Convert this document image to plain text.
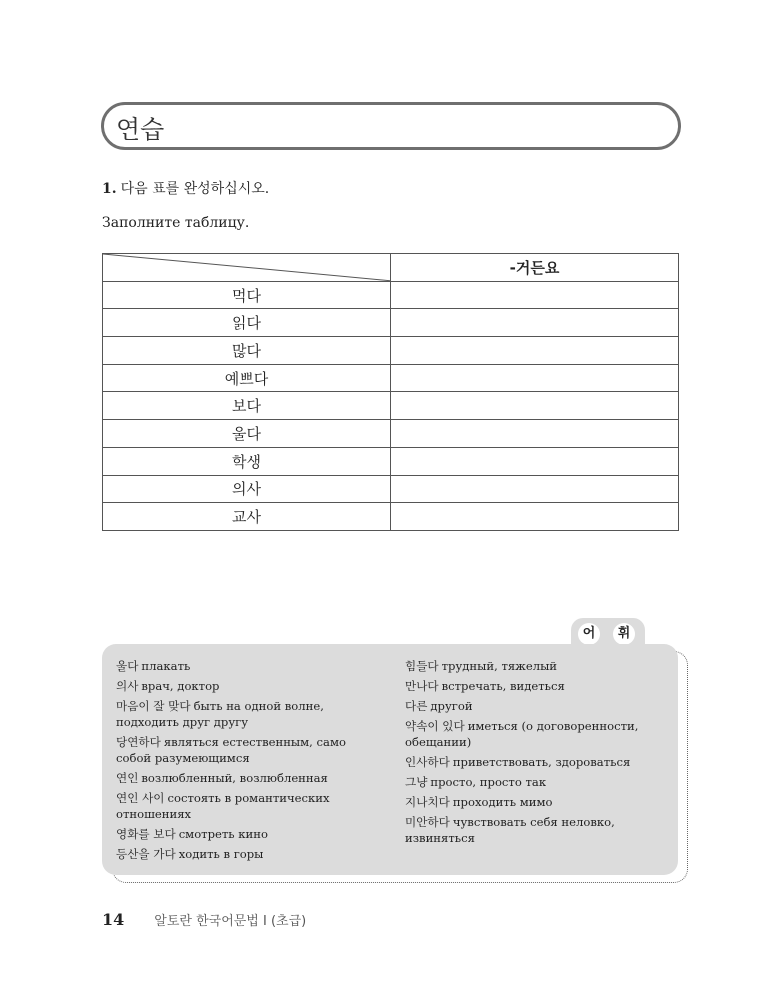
연습
1. 다음 표를 완성하십시오.
Заполните таблицу.
	-거든요
먹다	
읽다	
많다	
예쁘다	
보다	
울다	
학생	
의사	
교사	
어	휘
울다 плакать
의사 врач, доктор
마음이 잘 맞다 быть на одной волне, подходить друг другу
당연하다 являться естественным, само собой разумеющимся
연인 возлюбленный, возлюбленная
연인 사이 состоять в романтических отношениях
영화를 보다 смотреть кино
등산을 가다 ходить в горы
힘들다 трудный, тяжелый
만나다 встречать, видеться
다른 другой
약속이 있다 иметься (о договоренности, обещании)
인사하다 приветствовать, здороваться
그냥 просто, просто так
지나치다 проходить мимо
미안하다 чувствовать себя неловко, извиняться
14 알토란 한국어문법 I (초급)
